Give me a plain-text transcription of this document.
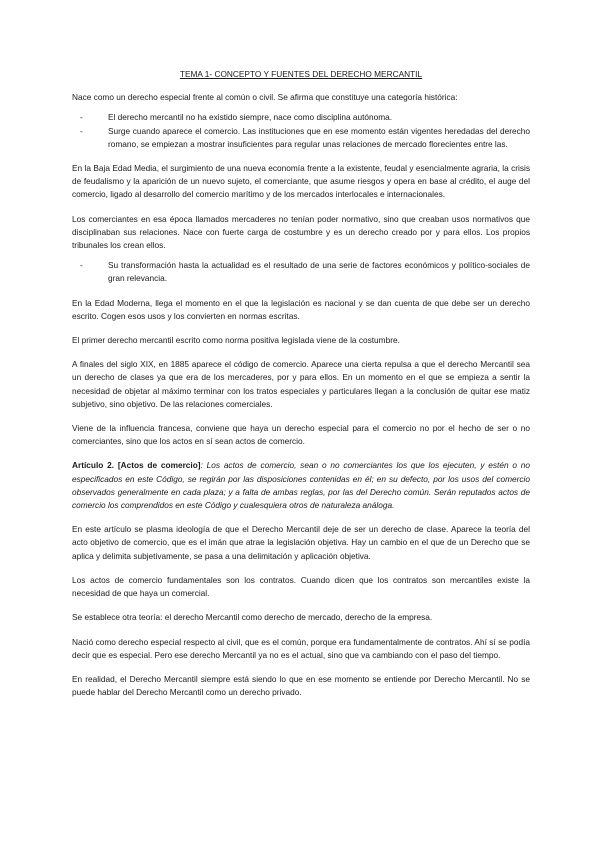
TEMA 1- CONCEPTO Y FUENTES DEL DERECHO MERCANTIL

Nace como un derecho especial frente al común o civil. Se afirma que constituye una categoría histórica:

-	El derecho mercantil no ha existido siempre, nace como disciplina autónoma.
-	Surge cuando aparece el comercio. Las instituciones que en ese momento están vigentes heredadas del derecho romano, se empiezan a mostrar insuficientes para regular unas relaciones de mercado florecientes entre las.

En la Baja Edad Media, el surgimiento de una nueva economía frente a la existente, feudal y esencialmente agraria, la crisis de feudalismo y la aparición de un nuevo sujeto, el comerciante, que asume riesgos y opera en base al crédito, el auge del comercio, ligado al desarrollo del comercio marítimo y de los mercados interlocales e internacionales.

Los comerciantes en esa época llamados mercaderes no tenían poder normativo, sino que creaban usos normativos que disciplinaban sus relaciones. Nace con fuerte carga de costumbre y es un derecho creado por y para ellos. Los propios tribunales los crean ellos.

-	Su transformación hasta la actualidad es el resultado de una serie de factores económicos y político-sociales de gran relevancia.

En la Edad Moderna, llega el momento en el que la legislación es nacional y se dan cuenta de que debe ser un derecho escrito. Cogen esos usos y los convierten en normas escritas.

El primer derecho mercantil escrito como norma positiva legislada viene de la costumbre.

A finales del siglo XIX, en 1885 aparece el código de comercio. Aparece una cierta repulsa a que el derecho Mercantil sea un derecho de clases ya que era de los mercaderes, por y para ellos. En un momento en el que se empieza a sentir la necesidad de objetar al máximo terminar con los tratos especiales y particulares llegan a la conclusión de quitar ese matiz subjetivo, sino objetivo. De las relaciones comerciales.

Viene de la influencia francesa, conviene que haya un derecho especial para el comercio no por el hecho de ser o no comerciantes, sino que los actos en sí sean actos de comercio.

Artículo 2. [Actos de comercio]: Los actos de comercio, sean o no comerciantes los que los ejecuten, y estén o no especificados en este Código, se regirán por las disposiciones contenidas en él; en su defecto, por los usos del comercio observados generalmente en cada plaza; y a falta de ambas reglas, por las del Derecho común. Serán reputados actos de comercio los comprendidos en este Código y cualesquiera otros de naturaleza análoga.

En este artículo se plasma ideología de que el Derecho Mercantil deje de ser un derecho de clase. Aparece la teoría del acto objetivo de comercio, que es el imán que atrae la legislación objetiva. Hay un cambio en el que de un Derecho que se aplica y delimita subjetivamente, se pasa a una delimitación y aplicación objetiva.

Los actos de comercio fundamentales son los contratos. Cuando dicen que los contratos son mercantiles existe la necesidad de que haya un comercial.

Se establece otra teoría: el derecho Mercantil como derecho de mercado, derecho de la empresa.

Nació como derecho especial respecto al civil, que es el común, porque era fundamentalmente de contratos. Ahí sí se podía decir que es especial. Pero ese derecho Mercantil ya no es el actual, sino que va cambiando con el paso del tiempo.

En realidad, el Derecho Mercantil siempre está siendo lo que en ese momento se entiende por Derecho Mercantil. No se puede hablar del Derecho Mercantil como un derecho privado.
